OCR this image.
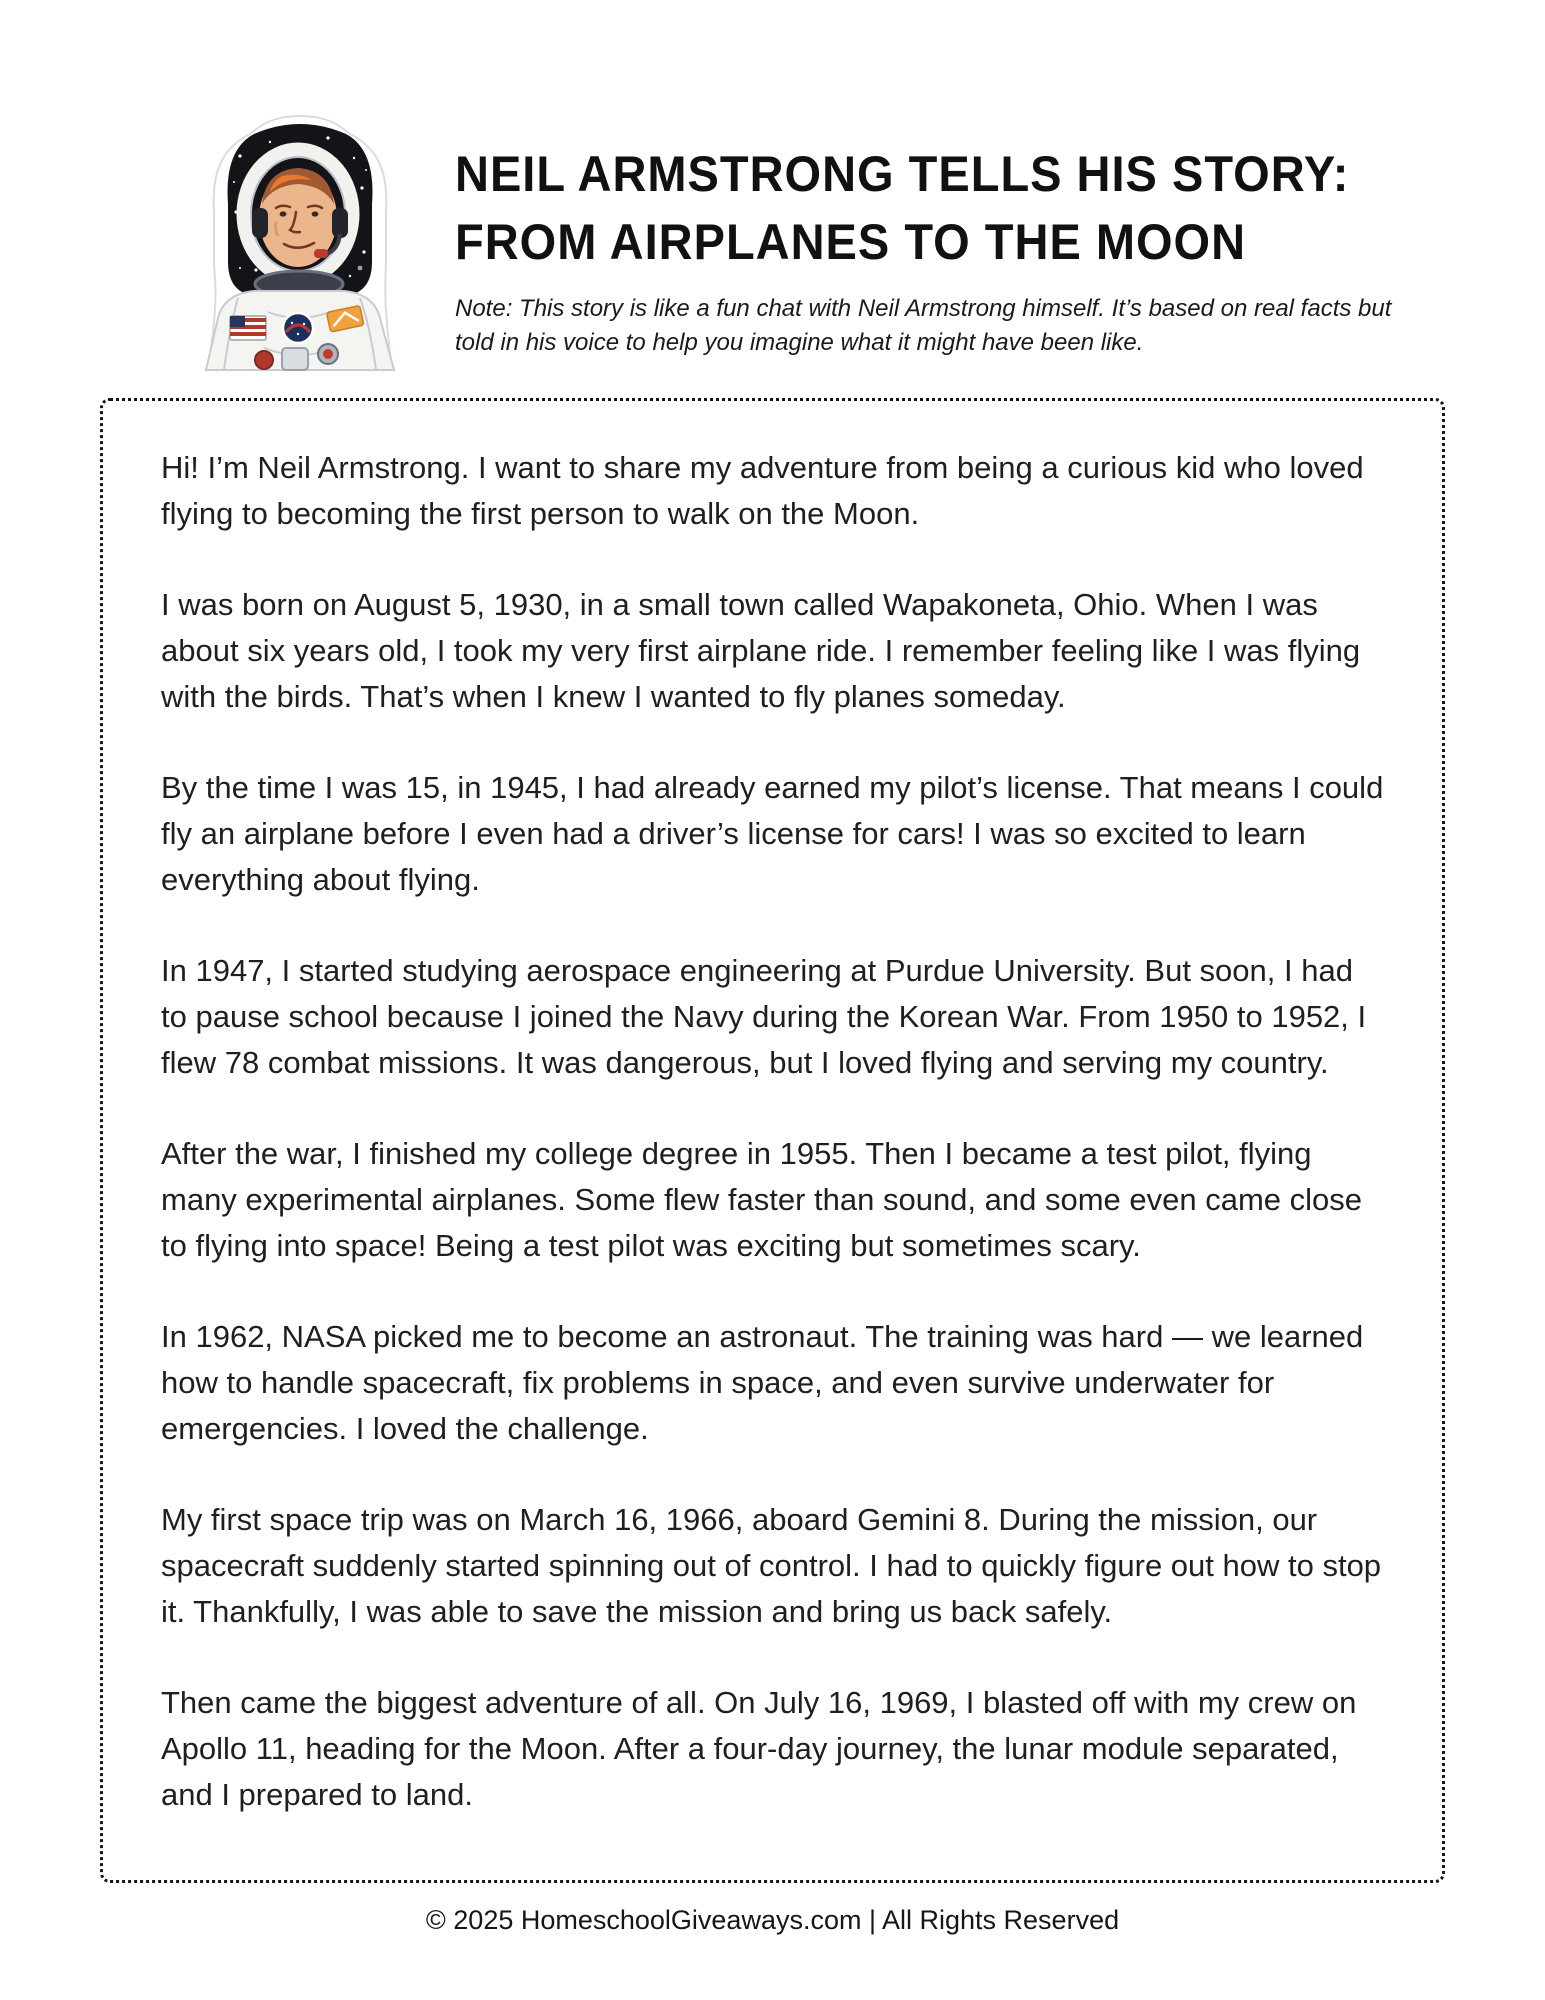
NEIL ARMSTRONG TELLS HIS STORY:
FROM AIRPLANES TO THE MOON
Note: This story is like a fun chat with Neil Armstrong himself. It’s based on real facts but told in his voice to help you imagine what it might have been like.

Hi! I’m Neil Armstrong. I want to share my adventure from being a curious kid who loved flying to becoming the first person to walk on the Moon.

I was born on August 5, 1930, in a small town called Wapakoneta, Ohio. When I was about six years old, I took my very first airplane ride. I remember feeling like I was flying with the birds. That’s when I knew I wanted to fly planes someday.

By the time I was 15, in 1945, I had already earned my pilot’s license. That means I could fly an airplane before I even had a driver’s license for cars! I was so excited to learn everything about flying.

In 1947, I started studying aerospace engineering at Purdue University. But soon, I had to pause school because I joined the Navy during the Korean War. From 1950 to 1952, I flew 78 combat missions. It was dangerous, but I loved flying and serving my country.

After the war, I finished my college degree in 1955. Then I became a test pilot, flying many experimental airplanes. Some flew faster than sound, and some even came close to flying into space! Being a test pilot was exciting but sometimes scary.

In 1962, NASA picked me to become an astronaut. The training was hard — we learned how to handle spacecraft, fix problems in space, and even survive underwater for emergencies. I loved the challenge.

My first space trip was on March 16, 1966, aboard Gemini 8. During the mission, our spacecraft suddenly started spinning out of control. I had to quickly figure out how to stop it. Thankfully, I was able to save the mission and bring us back safely.

Then came the biggest adventure of all. On July 16, 1969, I blasted off with my crew on Apollo 11, heading for the Moon. After a four-day journey, the lunar module separated, and I prepared to land.

© 2025 HomeschoolGiveaways.com | All Rights Reserved
